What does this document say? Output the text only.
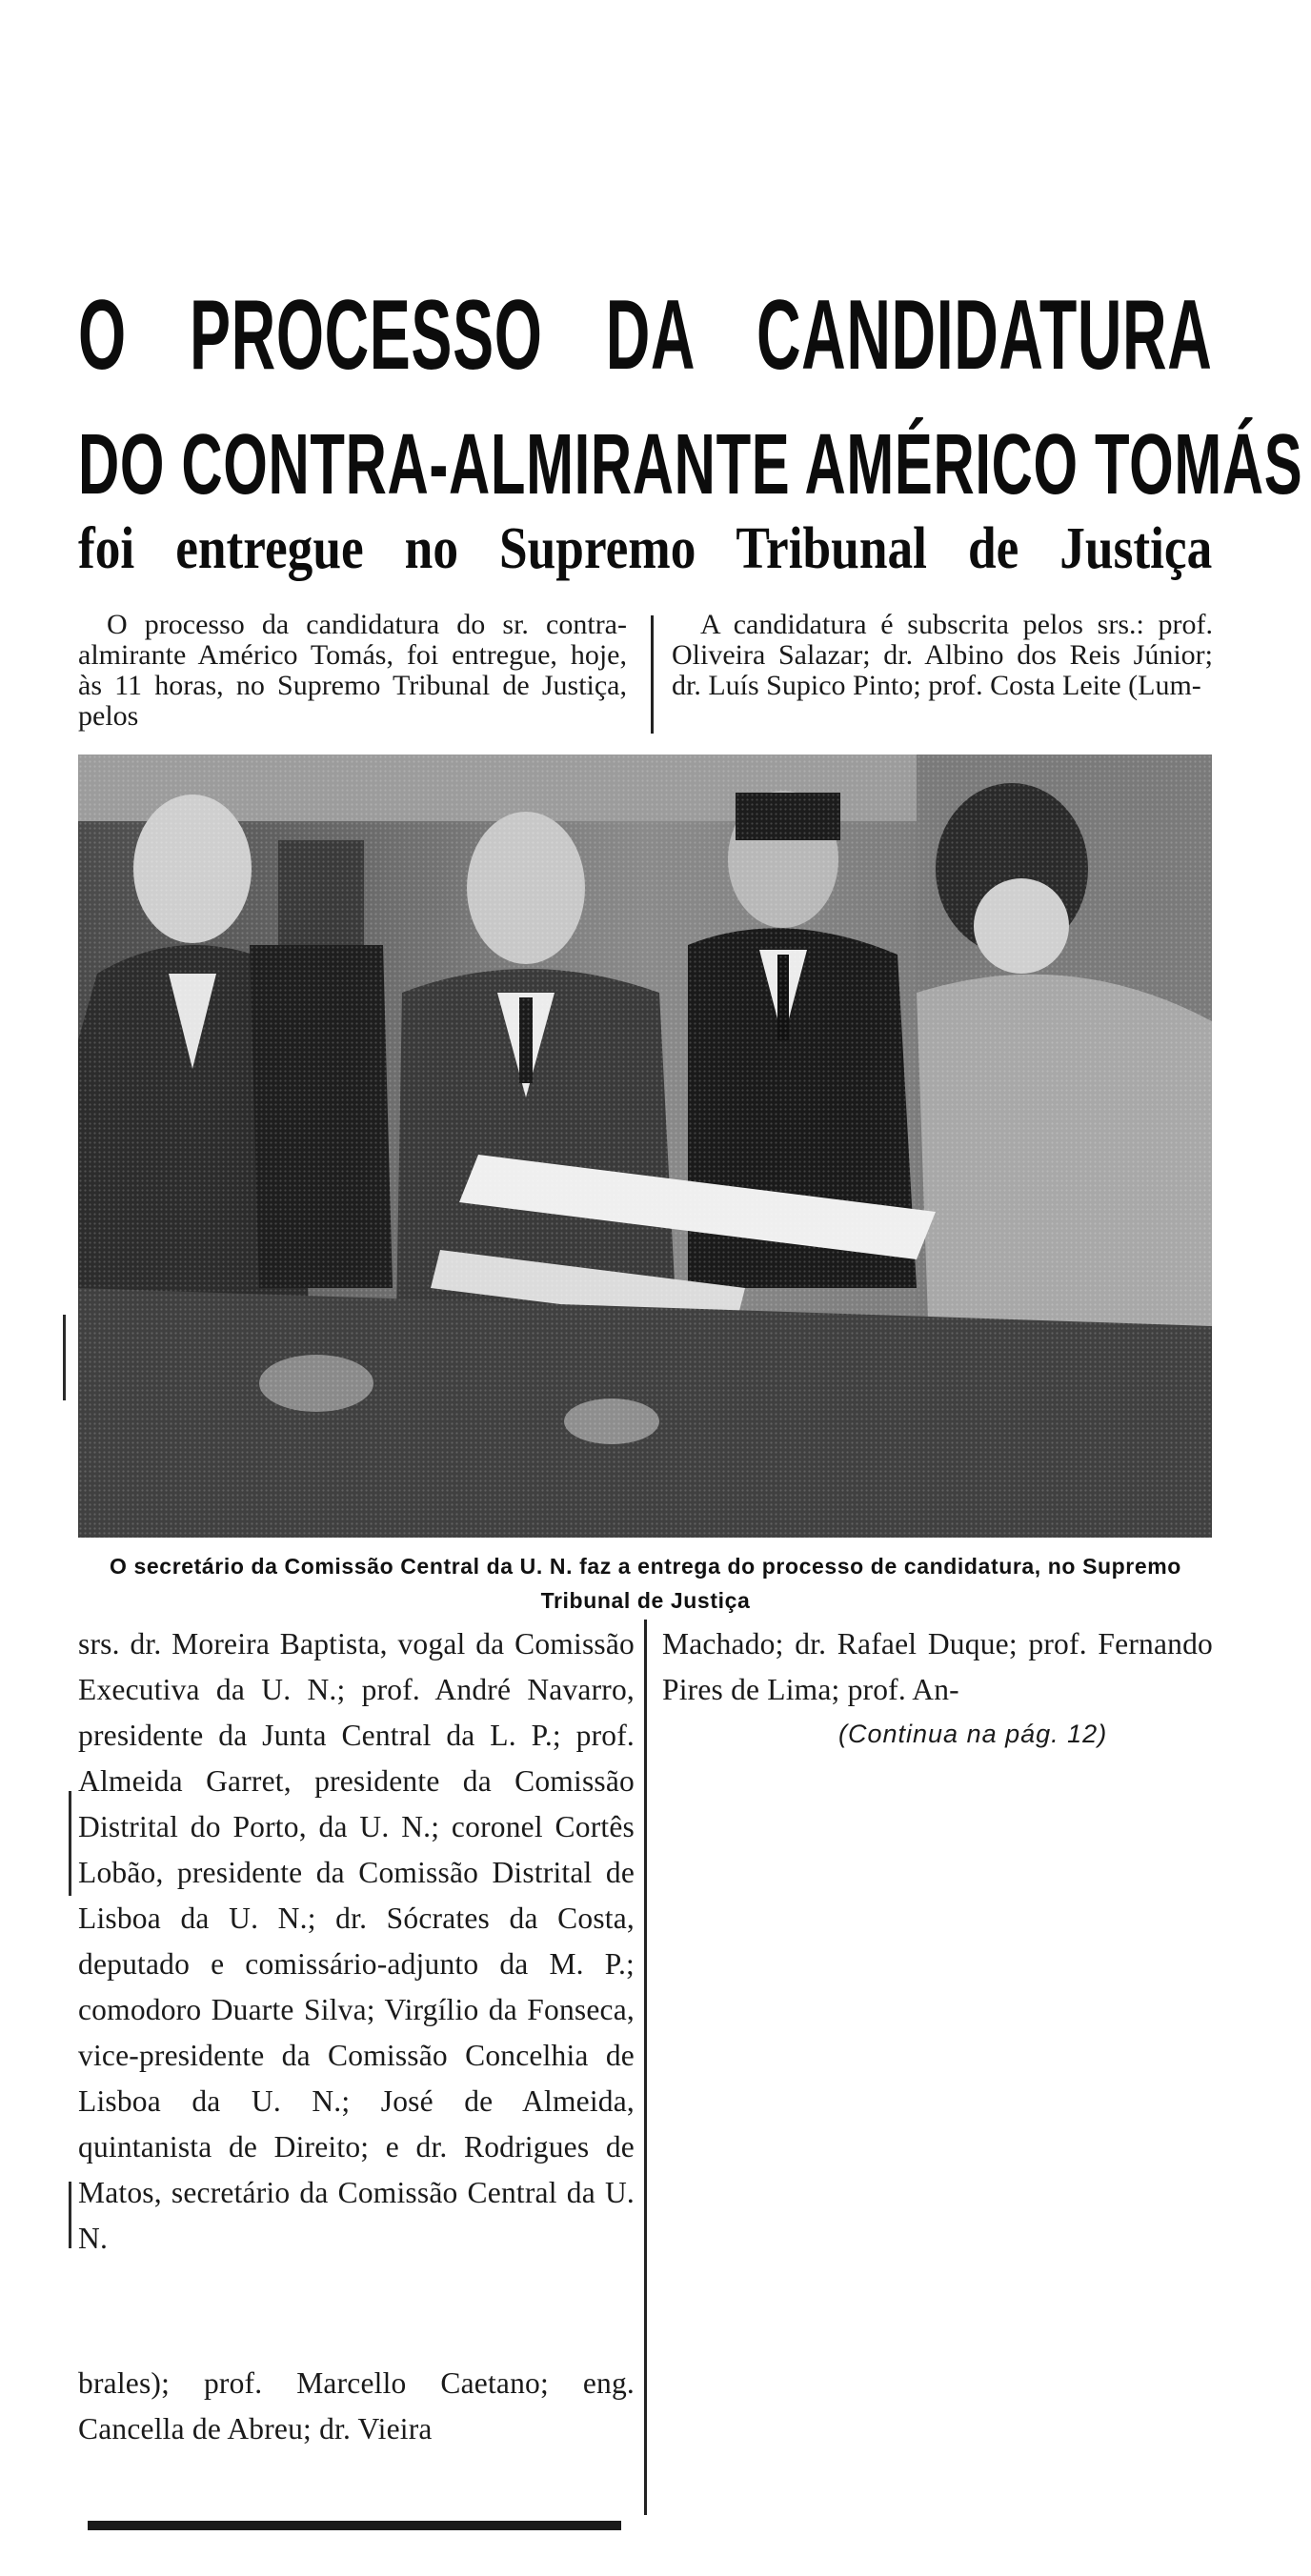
O PROCESSO DA CANDIDATURA
DO CONTRA-ALMIRANTE AMÉRICO TOMÁS
foi entregue no Supremo Tribunal de Justiça
O processo da candidatura do sr. contra-almirante Américo Tomás, foi entregue, hoje, às 11 horas, no Supremo Tribunal de Justiça, pelos
A candidatura é subscrita pelos srs.: prof. Oliveira Salazar; dr. Albino dos Reis Júnior; dr. Luís Supico Pinto; prof. Costa Leite (Lum-
O secretário da Comissão Central da U. N. faz a entrega do processo de candidatura, no Supremo Tribunal de Justiça
srs. dr. Moreira Baptista, vogal da Comissão Executiva da U. N.; prof. André Navarro, presidente da Junta Central da L. P.; prof. Almeida Garret, presidente da Comissão Distrital do Porto, da U. N.; coronel Cortês Lobão, presidente da Comissão Distrital de Lisboa da U. N.; dr. Sócrates da Costa, deputado e comissário-adjunto da M. P.; comodoro Duarte Silva; Virgílio da Fonseca, vice-presidente da Comissão Concelhia de Lisboa da U. N.; José de Almeida, quintanista de Direito; e dr. Rodrigues de Matos, secretário da Comissão Central da U. N.
Machado; dr. Rafael Duque; prof. Fernando Pires de Lima; prof. An-
(Continua na pág. 12)
brales); prof. Marcello Caetano; eng. Cancella de Abreu; dr. Vieira
